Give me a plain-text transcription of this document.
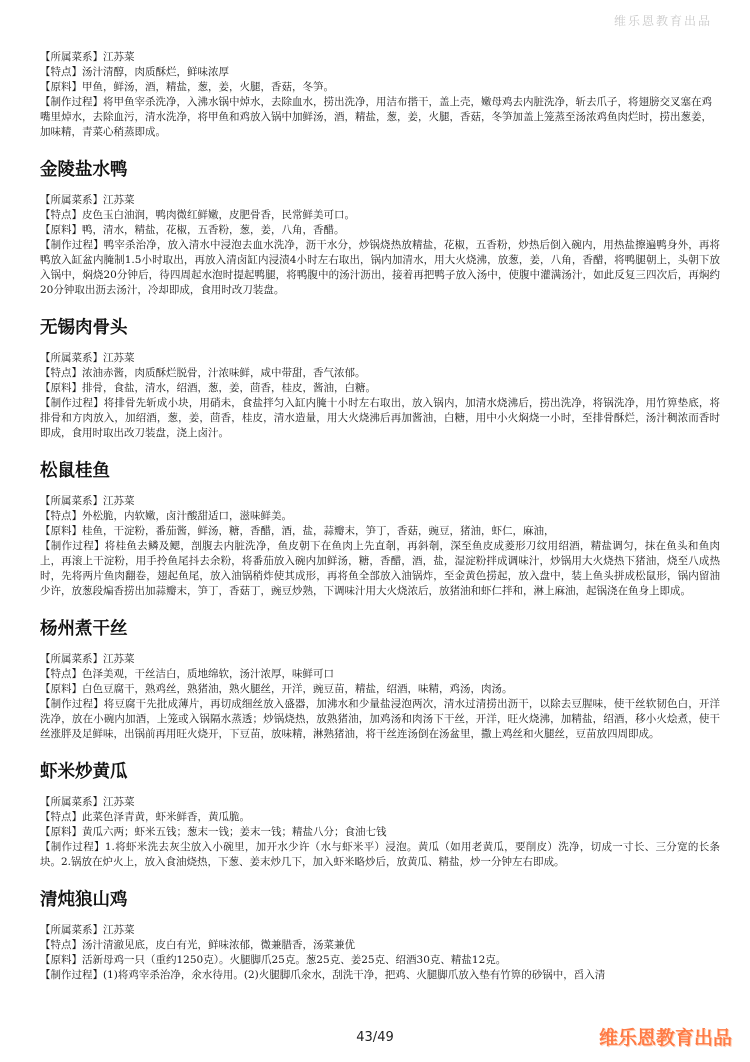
维乐恩教育出品

【所属菜系】江苏菜

【特点】汤汁清醇，肉质酥烂，鲜味浓厚

【原料】甲鱼，鲜汤，酒，精盐，葱，姜，火腿，香菇，冬笋。

【制作过程】将甲鱼宰杀洗净，入沸水锅中焯水，去除血水，捞出洗净，用洁布揩干，盖上壳，嫩母鸡去内脏洗净，斩去爪子，将翅膀交叉塞在鸡嘴里焯水，去除血污，清水洗净，将甲鱼和鸡放入锅中加鲜汤，酒，精盐，葱，姜，火腿，香菇，冬笋加盖上笼蒸至汤浓鸡鱼肉烂时，捞出葱姜，加味精，青菜心稍蒸即成。

金陵盐水鸭

【所属菜系】江苏菜

【特点】皮色玉白油润，鸭肉微红鲜嫩，皮肥骨香，民常鲜美可口。

【原料】鸭，清水，精盐，花椒，五香粉，葱，姜，八角，香醋。

【制作过程】鸭宰杀治净，放入清水中浸泡去血水洗净，沥干水分，炒锅烧热放精盐，花椒，五香粉，炒热后倒入碗内，用热盐擦遍鸭身外，再将鸭放入缸盆内腌制1.5小时取出，再放入清卤缸内浸渍4小时左右取出，锅内加清水，用大火烧沸，放葱，姜，八角，香醋，将鸭腿朝上，头朝下放入锅中，焖烧20分钟后，待四周起水泡时提起鸭腿，将鸭腹中的汤汁沥出，接着再把鸭子放入汤中，使腹中灌满汤汁，如此反复三四次后，再焖约20分钟取出沥去汤汁，冷却即成，食用时改刀装盘。

无锡肉骨头

【所属菜系】江苏菜

【特点】浓油赤酱，肉质酥烂脱骨，汁浓味鲜，咸中带甜，香气浓郁。

【原料】排骨，食盐，清水，绍酒，葱，姜，茴香，桂皮，酱油，白糖。

【制作过程】将排骨先斩成小块，用硝未，食盐拌匀入缸内腌十小时左右取出，放入锅内，加清水烧沸后，捞出洗净，将锅洗净，用竹箅垫底，将排骨和方肉放入，加绍酒，葱，姜，茴香，桂皮，清水造量，用大火烧沸后再加酱油，白糖，用中小火焖烧一小时，至排骨酥烂，汤汁稠浓而香时即成，食用时取出改刀装盘，浇上卤汁。

松鼠桂鱼

【所属菜系】江苏菜

【特点】外松脆，内软嫩，卤汁酸甜适口，滋味鲜美。

【原料】桂鱼，干淀粉，番茄酱，鲜汤，糖，香醋，酒，盐，蒜瓣末，笋丁，香菇，豌豆，猪油，虾仁，麻油，

【制作过程】将桂鱼去鳞及鳃，剖腹去内脏洗净，鱼皮朝下在鱼肉上先直剞，再斜剞，深至鱼皮成菱形刀纹用绍酒，精盐调匀，抹在鱼头和鱼肉上，再滚上干淀粉，用手拎鱼尾抖去余粉，将番茄放入碗内加鲜汤，糖，香醋，酒，盐，湿淀粉拌成调味汁，炒锅用大火烧热下猪油，烧至八成热时，先将两片鱼肉翻卷，翅起鱼尾，放入油锅稍炸使其成形，再将鱼全部放入油锅炸，至金黄色捞起，放入盘中，装上鱼头拼成松鼠形，锅内留油少许，放葱段煸香捞出加蒜瓣末，笋丁，香菇丁，豌豆炒熟，下调味汁用大火烧浓后，放猪油和虾仁拌和，淋上麻油，起锅浇在鱼身上即成。

杨州煮干丝

【所属菜系】江苏菜

【特点】色泽美观，干丝洁白，质地绵软，汤汁浓厚，味鲜可口

【原料】白色豆腐干，熟鸡丝，熟猪油，熟火腿丝，开洋，豌豆苗，精盐，绍酒，味精，鸡汤，肉汤。

【制作过程】将豆腐干先批成薄片，再切成细丝放入盛器，加沸水和少量盐浸泡两次，清水过清捞出沥干，以除去豆腥味，使干丝软韧色白，开洋洗净，放在小碗内加酒，上笼或入锅隔水蒸透；炒锅烧热，放熟猪油，加鸡汤和肉汤下干丝，开洋，旺火烧沸，加精盐，绍酒，移小火烩煮，使干丝涨胖及足鲜味，出锅前再用旺火烧开，下豆苗，放味精，淋熟猪油，将干丝连汤倒在汤盆里，撒上鸡丝和火腿丝，豆苗放四周即成。

虾米炒黄瓜

【所属菜系】江苏菜

【特点】此菜色泽青黄，虾米鲜香，黄瓜脆。

【原料】黄瓜六两；虾米五钱；葱末一钱；姜末一钱；精盐八分；食油七钱

【制作过程】1.将虾米洗去灰尘放入小碗里，加开水少许（水与虾米平）浸泡。黄瓜（如用老黄瓜，要削皮）洗净，切成一寸长、三分宽的长条块。2.锅放在炉火上，放入食油烧热，下葱、姜末炒几下，加入虾米略炒后，放黄瓜、精盐，炒一分钟左右即成。

清炖狼山鸡

【所属菜系】江苏菜

【特点】汤汁清澈见底，皮白有光，鲜味浓郁，微兼腊香，汤菜兼优

【原料】活新母鸡一只（重约1250克）。火腿脚爪25克。葱25克、姜25克、绍酒30克、精盐12克。

【制作过程】(1)将鸡宰杀治净，氽水待用。(2)火腿脚爪氽水，刮洗干净，把鸡、火腿脚爪放入垫有竹箅的砂锅中，舀入清

43/49	维乐恩教育出品
